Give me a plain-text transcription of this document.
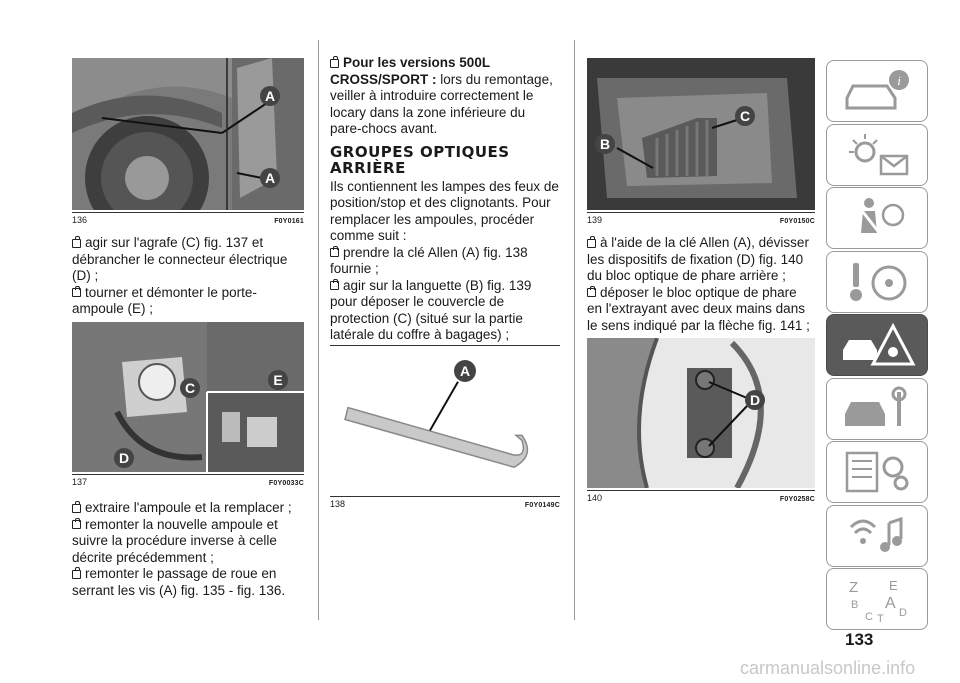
A
A
136	F0Y0161

agir sur l'agrafe (C) fig. 137 et débrancher le connecteur électrique (D) ;

tourner et démonter le porte-ampoule (E) ;

C	E
D
137	F0Y0033C

extraire l'ampoule et la remplacer ;

remonter la nouvelle ampoule et suivre la procédure inverse à celle décrite précédemment ;

remonter le passage de roue en serrant les vis (A) fig. 135 - fig. 136.

Pour les versions 500L CROSS/SPORT : lors du remontage, veiller à introduire correctement le locary dans la zone inférieure du pare-chocs avant.

GROUPES OPTIQUES
ARRIÈRE

Ils contiennent les lampes des feux de position/stop et des clignotants. Pour remplacer les ampoules, procéder comme suit :

prendre la clé Allen (A) fig. 138 fournie ;

agir sur la languette (B) fig. 139 pour déposer le couvercle de protection (C) (situé sur la partie latérale du coffre à bagages) ;

A
138	F0Y0149C
B
C
139	F0Y0150C

à l'aide de la clé Allen (A), dévisser les dispositifs de fixation (D) fig. 140 du bloc optique de phare arrière ;

déposer le bloc optique de phare en l'extrayant avec deux mains dans le sens indiqué par la flèche fig. 141 ;

D
140	F0Y0258C
i
Z E
B A
C D
T
133
carmanualsonline.info
